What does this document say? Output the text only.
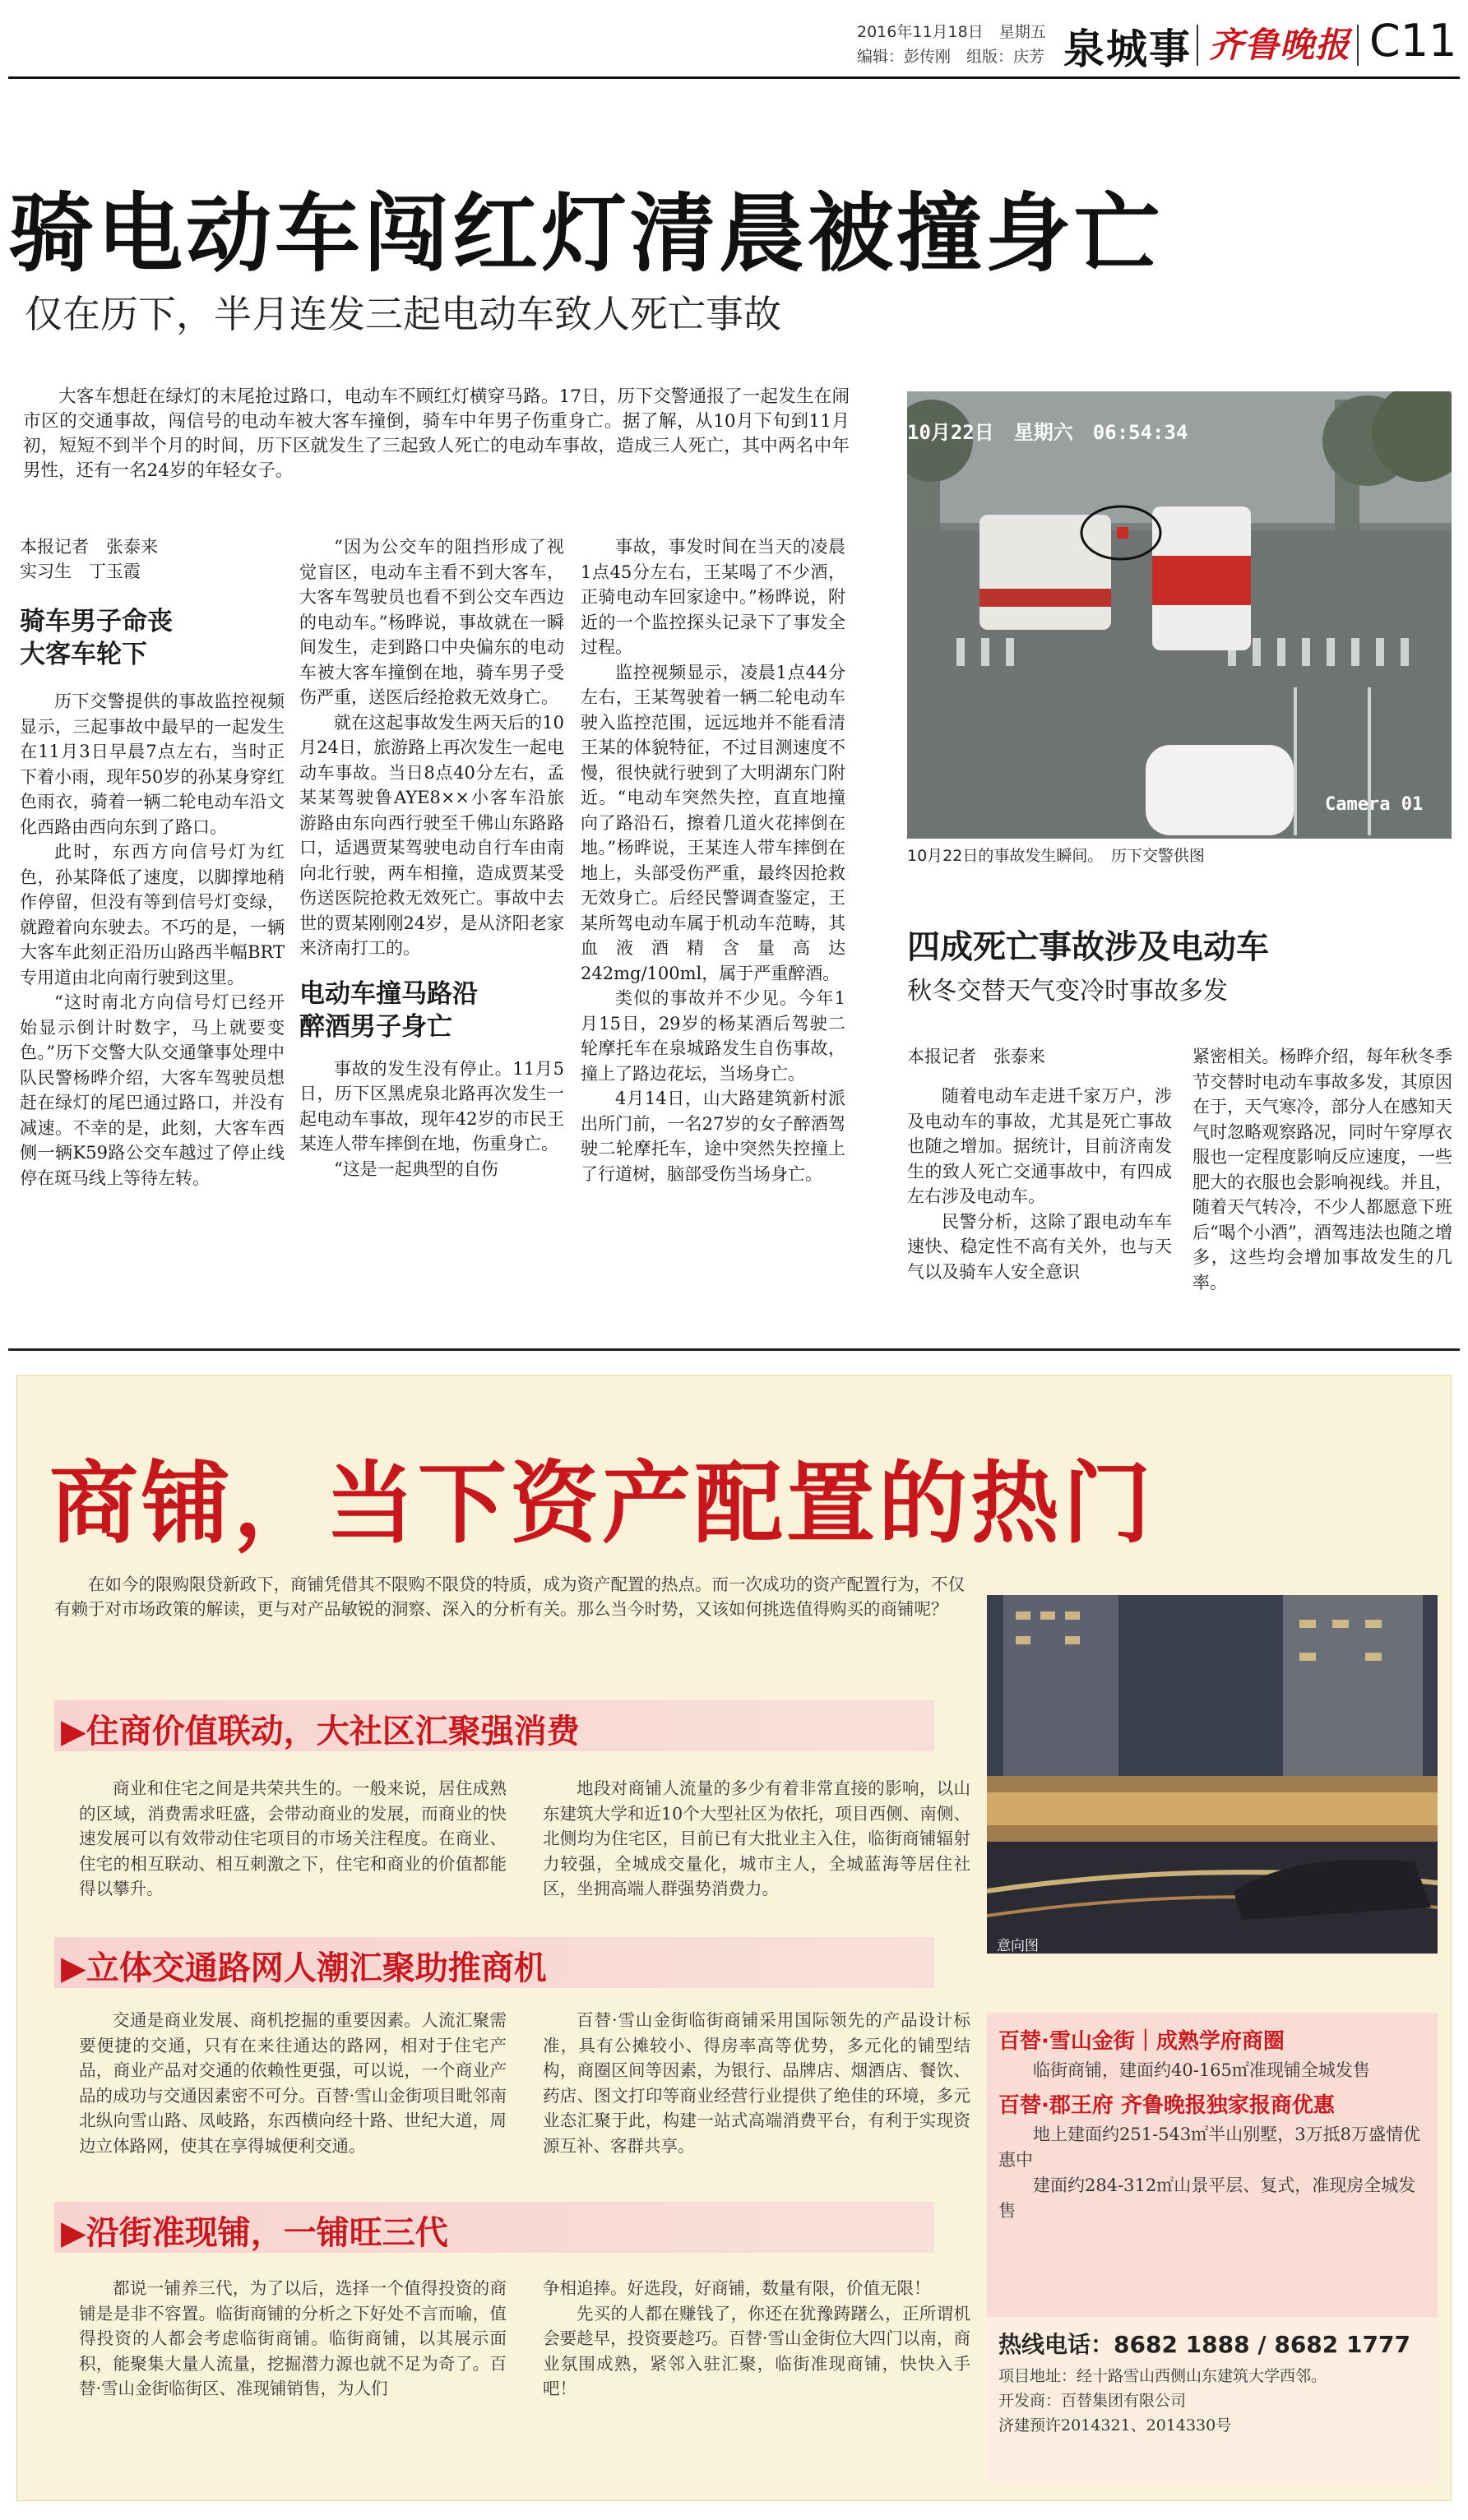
2016年11月18日　星期五
编辑：彭传刚　组版：庆芳 泉城事 齐鲁晚报 C11
骑电动车闯红灯清晨被撞身亡
仅在历下，半月连发三起电动车致人死亡事故
大客车想赶在绿灯的末尾抢过路口，电动车不顾红灯横穿马路。17日，历下交警通报了一起发生在闹市区的交通事故，闯信号的电动车被大客车撞倒，骑车中年男子伤重身亡。据了解，从10月下旬到11月初，短短不到半个月的时间，历下区就发生了三起致人死亡的电动车事故，造成三人死亡，其中两名中年男性，还有一名24岁的年轻女子。
本报记者　张泰来
实习生　丁玉霞
骑车男子命丧
大客车轮下

历下交警提供的事故监控视频显示，三起事故中最早的一起发生在11月3日早晨7点左右，当时正下着小雨，现年50岁的孙某身穿红色雨衣，骑着一辆二轮电动车沿文化西路由西向东到了路口。

此时，东西方向信号灯为红色，孙某降低了速度，以脚撑地稍作停留，但没有等到信号灯变绿，就蹬着向东驶去。不巧的是，一辆大客车此刻正沿历山路西半幅BRT专用道由北向南行驶到这里。

“这时南北方向信号灯已经开始显示倒计时数字，马上就要变色。”历下交警大队交通肇事处理中队民警杨晔介绍，大客车驾驶员想赶在绿灯的尾巴通过路口，并没有减速。不幸的是，此刻，大客车西侧一辆K59路公交车越过了停止线停在斑马线上等待左转。

“因为公交车的阻挡形成了视觉盲区，电动车主看不到大客车，大客车驾驶员也看不到公交车西边的电动车。”杨晔说，事故就在一瞬间发生，走到路口中央偏东的电动车被大客车撞倒在地，骑车男子受伤严重，送医后经抢救无效身亡。

就在这起事故发生两天后的10月24日，旅游路上再次发生一起电动车事故。当日8点40分左右，孟某某驾驶鲁AYE8××小客车沿旅游路由东向西行驶至千佛山东路路口，适遇贾某驾驶电动自行车由南向北行驶，两车相撞，造成贾某受伤送医院抢救无效死亡。事故中去世的贾某刚刚24岁，是从济阳老家来济南打工的。

电动车撞马路沿
醉酒男子身亡

事故的发生没有停止。11月5日，历下区黑虎泉北路再次发生一起电动车事故，现年42岁的市民王某连人带车摔倒在地，伤重身亡。

“这是一起典型的自伤

事故，事发时间在当天的凌晨1点45分左右，王某喝了不少酒，正骑电动车回家途中。”杨晔说，附近的一个监控探头记录下了事发全过程。

监控视频显示，凌晨1点44分左右，王某驾驶着一辆二轮电动车驶入监控范围，远远地并不能看清王某的体貌特征，不过目测速度不慢，很快就行驶到了大明湖东门附近。“电动车突然失控，直直地撞向了路沿石，擦着几道火花摔倒在地。”杨晔说，王某连人带车摔倒在地上，头部受伤严重，最终因抢救无效身亡。后经民警调查鉴定，王某所驾电动车属于机动车范畴，其血液酒精含量高达242mg/100ml，属于严重醉酒。

类似的事故并不少见。今年1月15日，29岁的杨某酒后驾驶二轮摩托车在泉城路发生自伤事故，撞上了路边花坛，当场身亡。

4月14日，山大路建筑新村派出所门前，一名27岁的女子醉酒驾驶二轮摩托车，途中突然失控撞上了行道树，脑部受伤当场身亡。

10月22日　星期六　06:54:34
Camera 01
10月22日的事故发生瞬间。　历下交警供图
四成死亡事故涉及电动车
秋冬交替天气变冷时事故多发
本报记者　张泰来

随着电动车走进千家万户，涉及电动车的事故，尤其是死亡事故也随之增加。据统计，目前济南发生的致人死亡交通事故中，有四成左右涉及电动车。

民警分析，这除了跟电动车车速快、稳定性不高有关外，也与天气以及骑车人安全意识

紧密相关。杨晔介绍，每年秋冬季节交替时电动车事故多发，其原因在于，天气寒冷，部分人在感知天气时忽略观察路况，同时午穿厚衣服也一定程度影响反应速度，一些肥大的衣服也会影响视线。并且，随着天气转冷，不少人都愿意下班后“喝个小酒”，酒驾违法也随之增多，这些均会增加事故发生的几率。

商铺，当下资产配置的热门
在如今的限购限贷新政下，商铺凭借其不限购不限贷的特质，成为资产配置的热点。而一次成功的资产配置行为，不仅有赖于对市场政策的解读，更与对产品敏锐的洞察、深入的分析有关。那么当今时势，又该如何挑选值得购买的商铺呢？
▶住商价值联动，大社区汇聚强消费
商业和住宅之间是共荣共生的。一般来说，居住成熟的区域，消费需求旺盛，会带动商业的发展，而商业的快速发展可以有效带动住宅项目的市场关注程度。在商业、住宅的相互联动、相互刺激之下，住宅和商业的价值都能得以攀升。
地段对商铺人流量的多少有着非常直接的影响，以山东建筑大学和近10个大型社区为依托，项目西侧、南侧、北侧均为住宅区，目前已有大批业主入住，临街商铺辐射力较强，全城成交量化，城市主人，全城蓝海等居住社区，坐拥高端人群强势消费力。
▶立体交通路网人潮汇聚助推商机
交通是商业发展、商机挖掘的重要因素。人流汇聚需要便捷的交通，只有在来往通达的路网，相对于住宅产品，商业产品对交通的依赖性更强，可以说，一个商业产品的成功与交通因素密不可分。百替·雪山金街项目毗邻南北纵向雪山路、凤岐路，东西横向经十路、世纪大道，周边立体路网，使其在享得城便利交通。
百替·雪山金街临街商铺采用国际领先的产品设计标准，具有公摊较小、得房率高等优势，多元化的铺型结构，商圈区间等因素，为银行、品牌店、烟酒店、餐饮、药店、图文打印等商业经营行业提供了绝佳的环境，多元业态汇聚于此，构建一站式高端消费平台，有利于实现资源互补、客群共享。
▶沿街准现铺，一铺旺三代
都说一铺养三代，为了以后，选择一个值得投资的商铺是是非不容置。临街商铺的分析之下好处不言而喻，值得投资的人都会考虑临街商铺。临街商铺，以其展示面积，能聚集大量人流量，挖掘潜力源也就不足为奇了。百替·雪山金街临街区、准现铺销售，为人们
争相追捧。好选段，好商铺，数量有限，价值无限！
先买的人都在赚钱了，你还在犹豫踌躇么，正所谓机会要趁早，投资要趁巧。百替·雪山金街位大四门以南，商业氛围成熟，紧邻入驻汇聚，临街准现商铺，快快入手吧！
意向图
百替·雪山金街｜成熟学府商圈
临街商铺，建面约40-165㎡准现铺全城发售
百替·郡王府 齐鲁晚报独家报商优惠
地上建面约251-543㎡半山别墅，3万抵8万盛情优惠中
建面约284-312㎡山景平层、复式，准现房全城发售
热线电话：8682 1888 / 8682 1777
项目地址：经十路雪山西侧山东建筑大学西邻。
开发商：百替集团有限公司
济建预许2014321、2014330号
